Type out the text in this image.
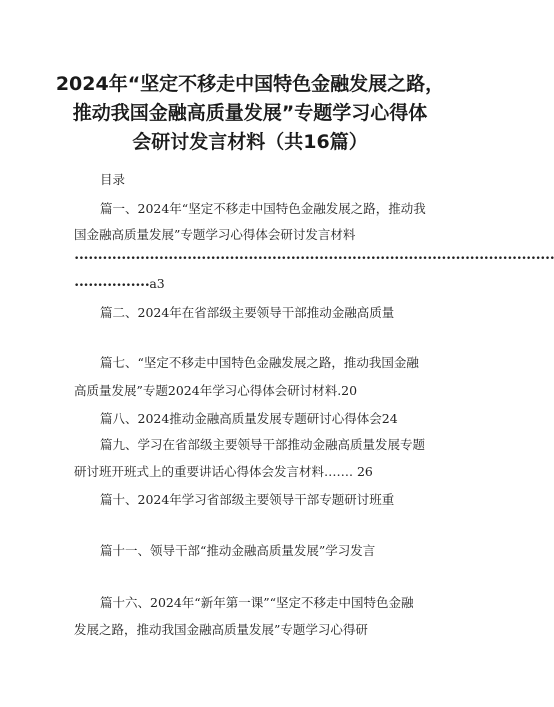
2024年“坚定不移走中国特色金融发展之路，
推动我国金融高质量发展”专题学习心得体
会研讨发言材料（共16篇）
目录
篇一、2024年“坚定不移走中国特色金融发展之路，推动我
国金融高质量发展”专题学习心得体会研讨发言材料
••••••••••••••••••••••••••••••••••••••••••••••••••••••••••••••••••••••••••••••••••••••••••••••••••••••
••••••••••••••••a3
篇二、2024年在省部级主要领导干部推动金融高质量
篇七、“坚定不移走中国特色金融发展之路，推动我国金融
高质量发展”专题2024年学习心得体会研讨材料.20
篇八、2024推动金融高质量发展专题研讨心得体会24
篇九、学习在省部级主要领导干部推动金融高质量发展专题
研讨班开班式上的重要讲话心得体会发言材料……. 26
篇十、2024年学习省部级主要领导干部专题研讨班重
篇十一、领导干部“推动金融高质量发展”学习发言
篇十六、2024年“新年第一课”“坚定不移走中国特色金融
发展之路，推动我国金融高质量发展”专题学习心得研
